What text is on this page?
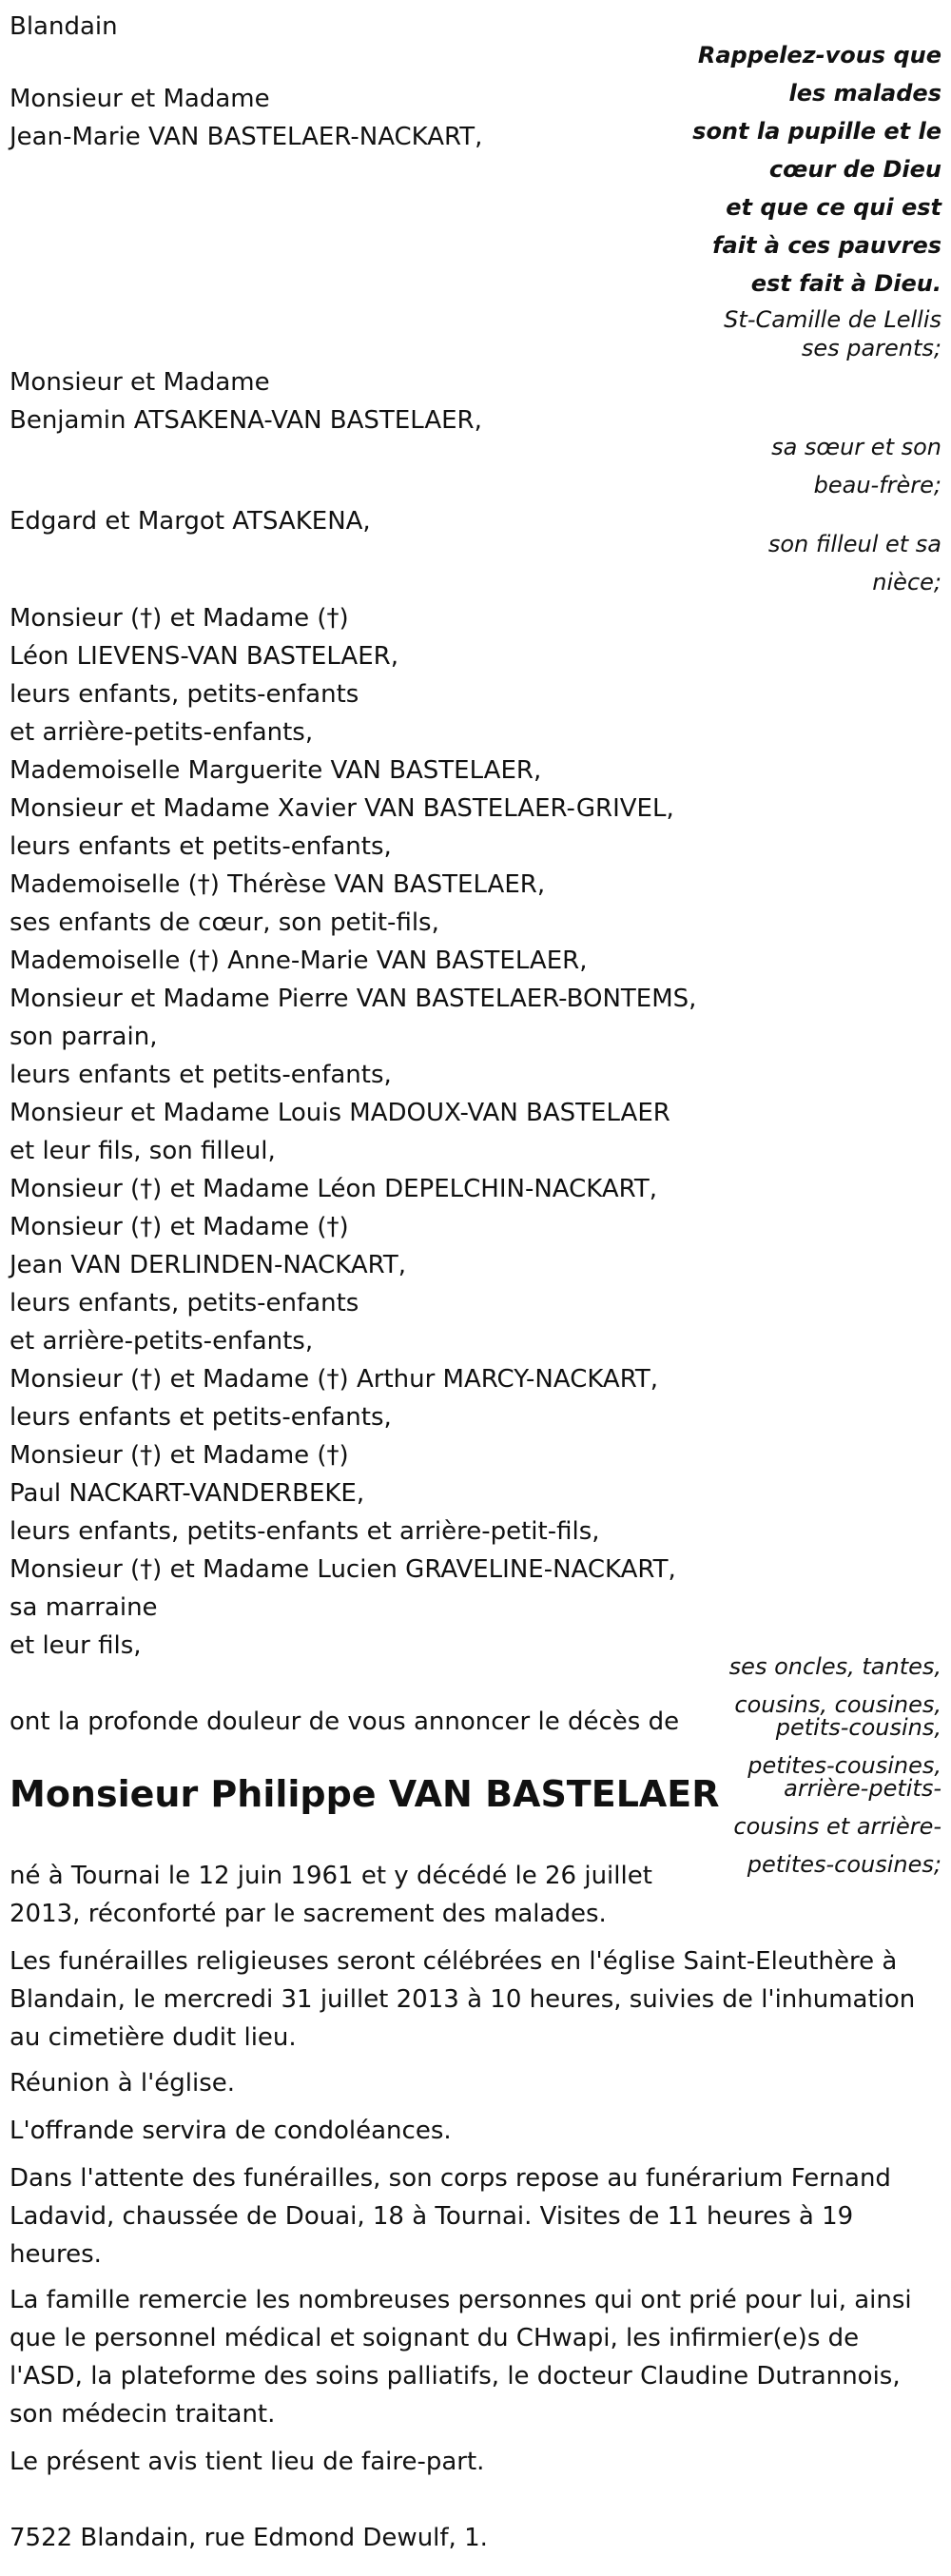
Blandain

Rappelez-vous que

les malades

sont la pupille et le

cœur de Dieu

et que ce qui est

fait à ces pauvres

est fait à Dieu.

St-Camille de Lellis

Monsieur et Madame

Jean-Marie VAN BASTELAER-NACKART,

ses parents;

Monsieur et Madame

Benjamin ATSAKENA-VAN BASTELAER,

sa sœur et son

beau-frère;

Edgard et Margot ATSAKENA,

son filleul et sa

nièce;

Monsieur (†) et Madame (†)
Léon LIEVENS-VAN BASTELAER,
leurs enfants, petits-enfants
et arrière-petits-enfants,
Mademoiselle Marguerite VAN BASTELAER,
Monsieur et Madame Xavier VAN BASTELAER-GRIVEL,
leurs enfants et petits-enfants,
Mademoiselle (†) Thérèse VAN BASTELAER,
ses enfants de cœur, son petit-fils,
Mademoiselle (†) Anne-Marie VAN BASTELAER,
Monsieur et Madame Pierre VAN BASTELAER-BONTEMS,
son parrain,
leurs enfants et petits-enfants,
Monsieur et Madame Louis MADOUX-VAN BASTELAER
et leur fils, son filleul,
Monsieur (†) et Madame Léon DEPELCHIN-NACKART,
Monsieur (†) et Madame (†)
Jean VAN DERLINDEN-NACKART,
leurs enfants, petits-enfants
et arrière-petits-enfants,
Monsieur (†) et Madame (†) Arthur MARCY-NACKART,
leurs enfants et petits-enfants,
Monsieur (†) et Madame (†)
Paul NACKART-VANDERBEKE,
leurs enfants, petits-enfants et arrière-petit-fils,
Monsieur (†) et Madame Lucien GRAVELINE-NACKART,
sa marraine
et leur fils,

ses oncles, tantes,

cousins, cousines,

petits-cousins,

petites-cousines,

arrière-petits-

cousins et arrière-

petites-cousines;

ont la profonde douleur de vous annoncer le décès de

Monsieur Philippe VAN BASTELAER

né à Tournai le 12 juin 1961 et y décédé le 26 juillet

2013, réconforté par le sacrement des malades.

Les funérailles religieuses seront célébrées en l'église Saint-Eleuthère à Blandain, le mercredi 31 juillet 2013 à 10 heures, suivies de l'inhumation au cimetière dudit lieu.

Réunion à l'église.

L'offrande servira de condoléances.

Dans l'attente des funérailles, son corps repose au funérarium Fernand Ladavid, chaussée de Douai, 18 à Tournai. Visites de 11 heures à 19 heures.

La famille remercie les nombreuses personnes qui ont prié pour lui, ainsi que le personnel médical et soignant du CHwapi, les infirmier(e)s de l'ASD, la plateforme des soins palliatifs, le docteur Claudine Dutrannois, son médecin traitant.

Le présent avis tient lieu de faire-part.

7522 Blandain, rue Edmond Dewulf, 1.
